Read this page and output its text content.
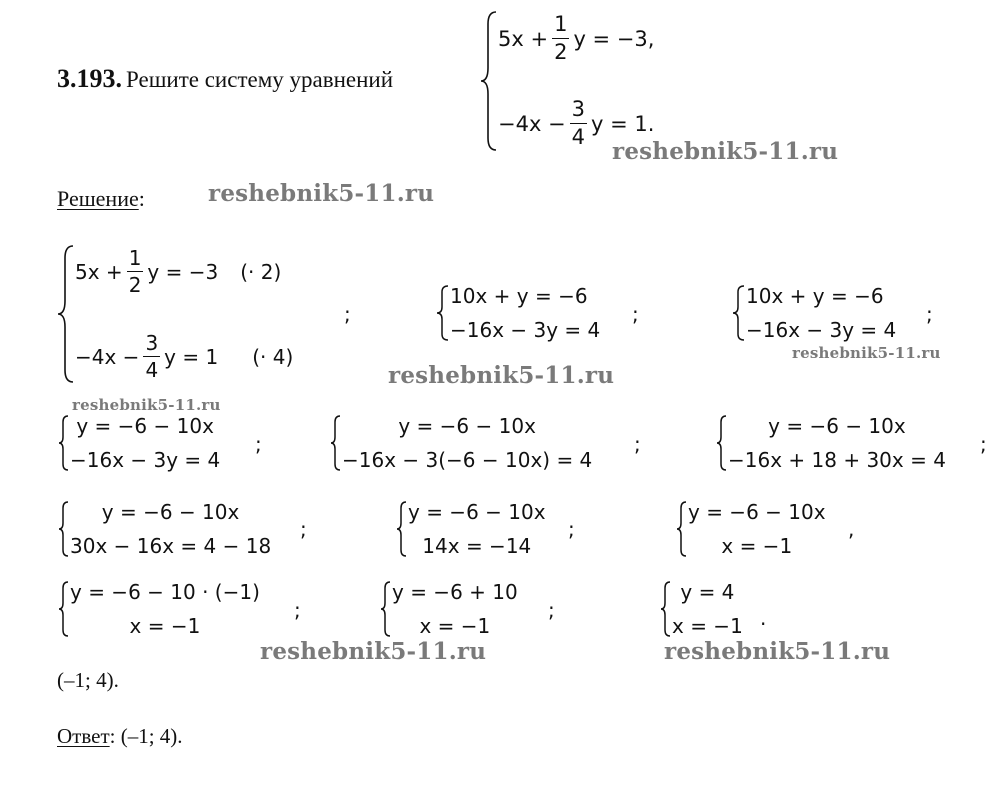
3.193. Решите систему уравнений
$5x + \frac{1}{2}$ y = −3,
$-4x - \frac{3}{4}$ y = 1.
reshebnik5-11.ru
Решение:	reshebnik5-11.ru
$5x + \frac{1}{2}$ y = −3 (· 2)
$-4x - \frac{3}{4}$ y = 1 (· 4)
;
10x + y = −6
−16x − 3y = 4
;
10x + y = −6
−16x − 3y = 4
;
reshebnik5-11.ru
reshebnik5-11.ru
reshebnik5-11.ru
y = −6 − 10x
−16x − 3y = 4
;
y = −6 − 10x
−16x − 3(−6 − 10x) = 4
;
y = −6 − 10x
−16x + 18 + 30x = 4
;
y = −6 − 10x
30x − 16x = 4 − 18
;
y = −6 − 10x
14x = −14
;
y = −6 − 10x
x = −1
,
y = −6 − 10 · (−1)
x = −1
;
y = −6 + 10
x = −1
;
y = 4
x = −1 .
reshebnik5-11.ru	reshebnik5-11.ru
(–1; 4).
Ответ: (–1; 4).
